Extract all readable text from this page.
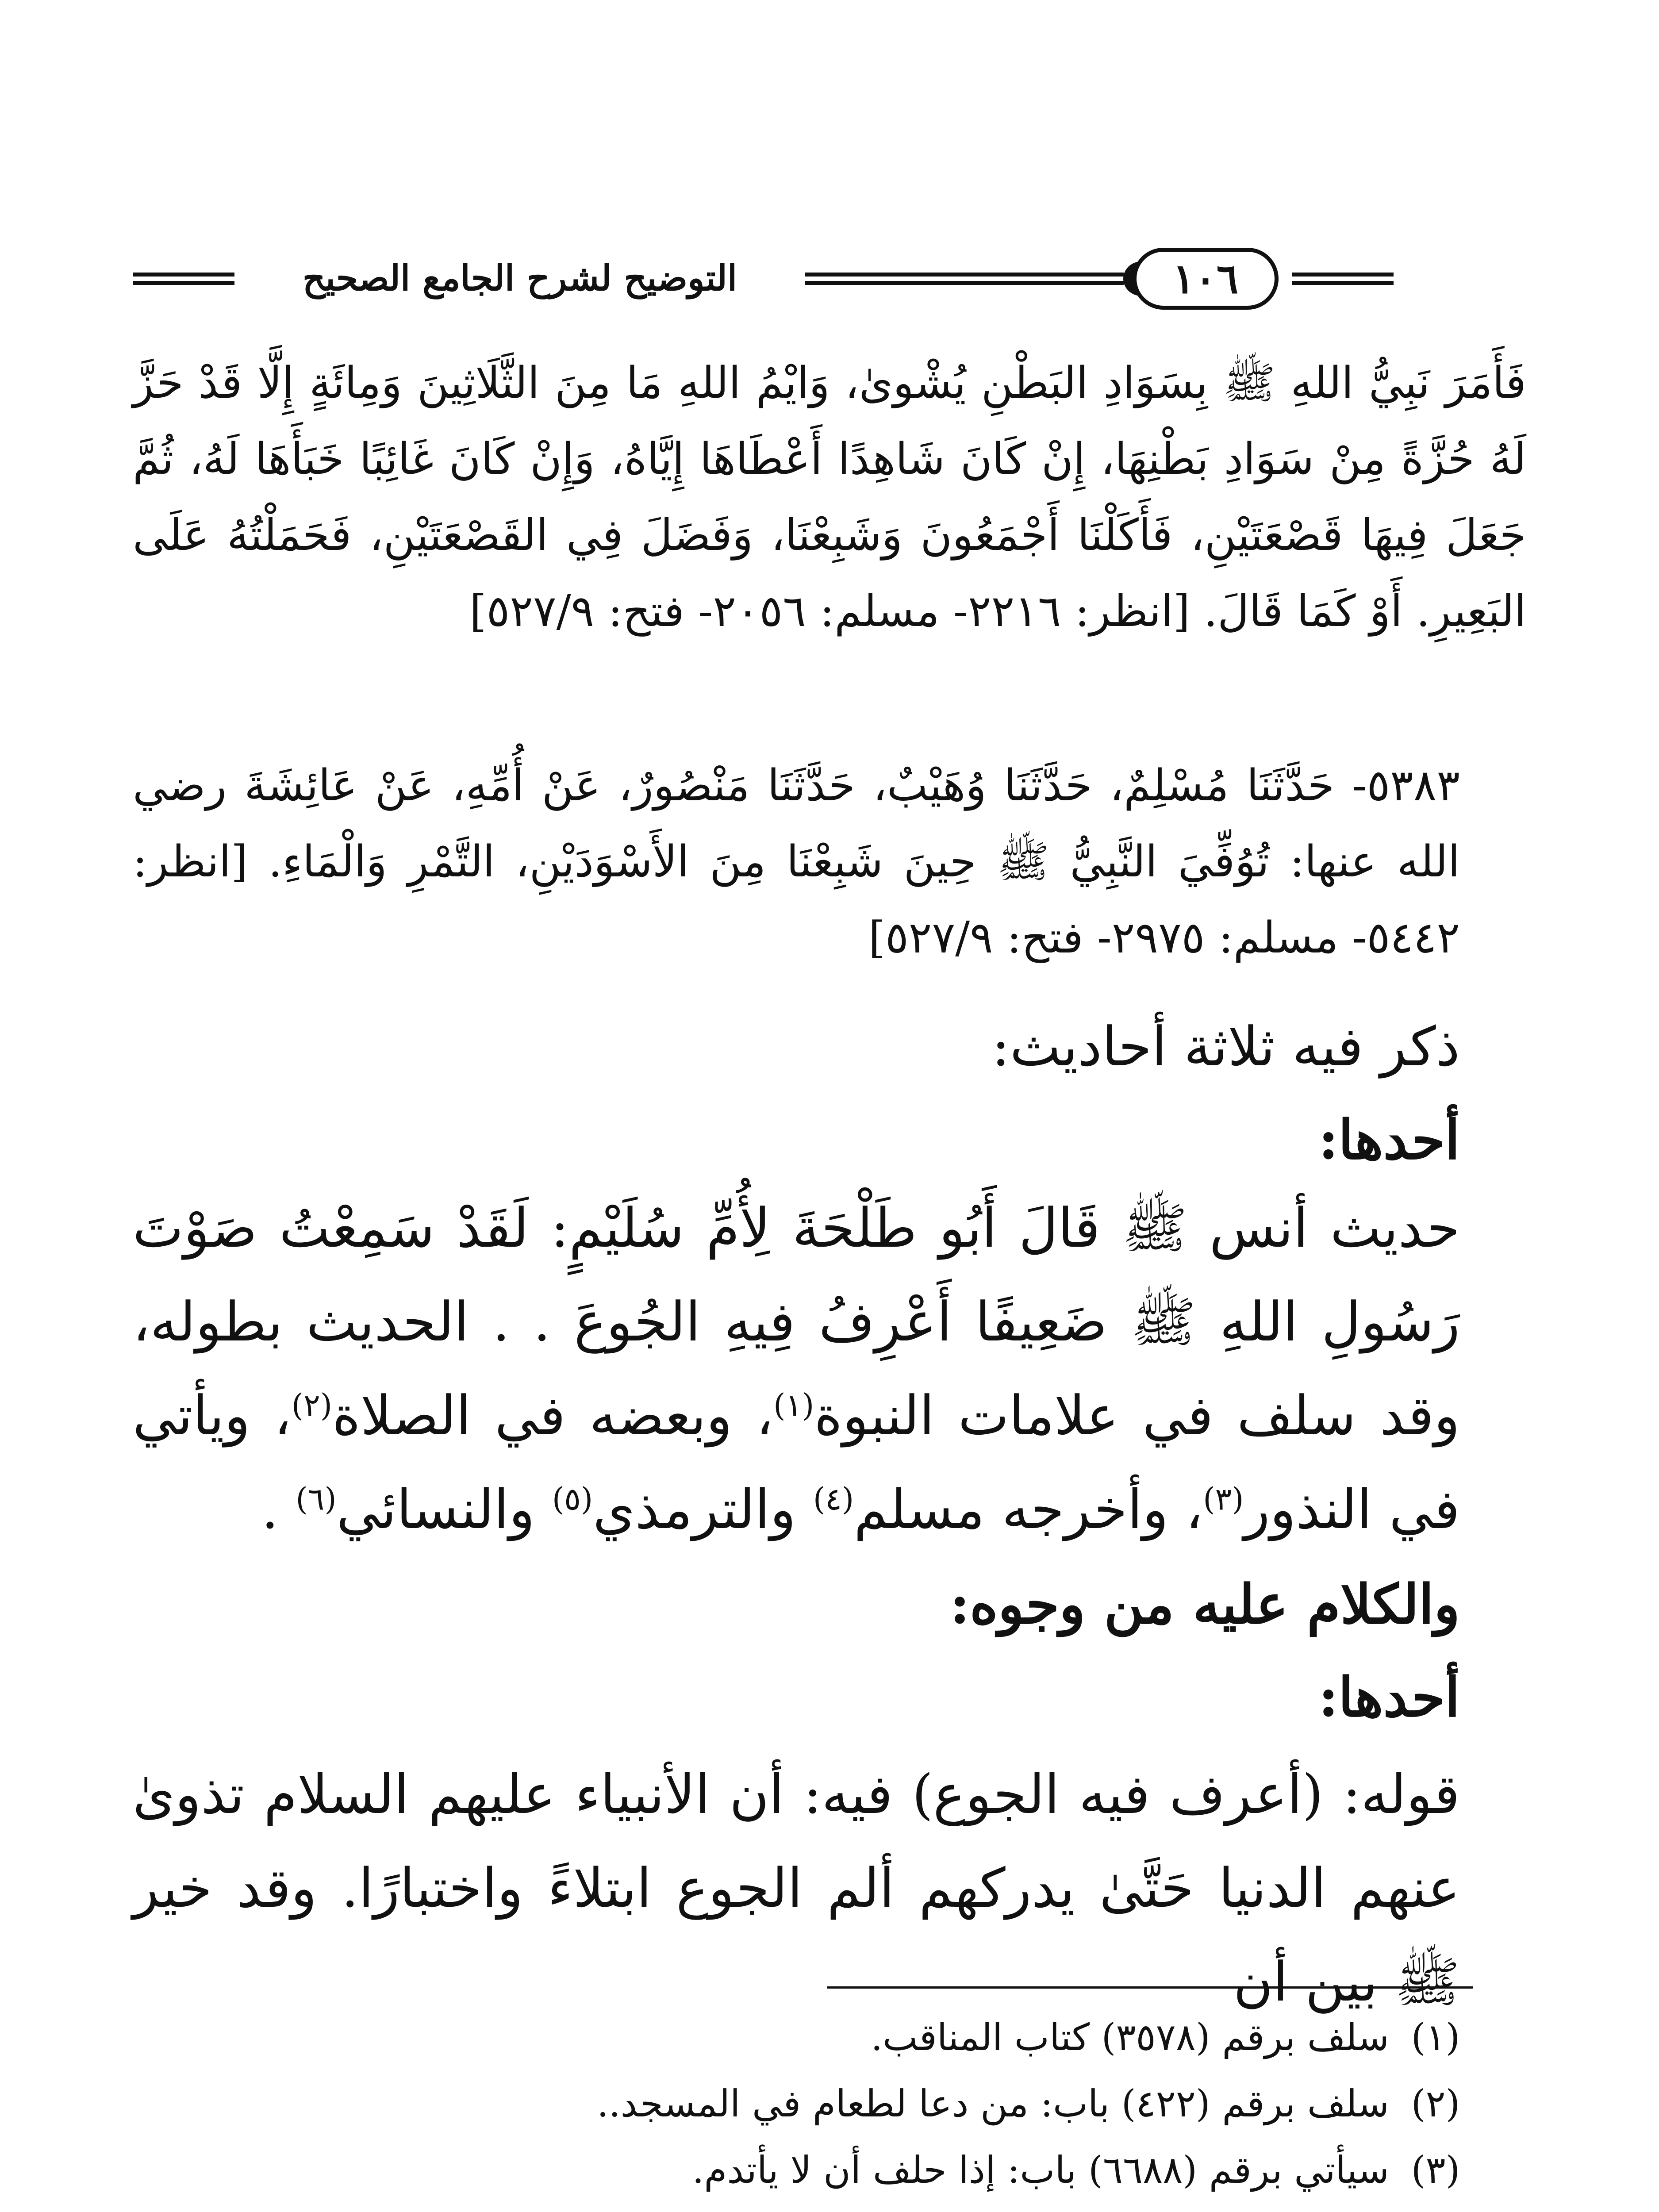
١٠٦
التوضيح لشرح الجامع الصحيح

فَأَمَرَ نَبِيُّ اللهِ ﷺ بِسَوَادِ البَطْنِ يُشْوىٰ، وَايْمُ اللهِ مَا مِنَ الثَّلَاثِينَ وَمِائَةٍ إِلَّا قَدْ حَزَّ لَهُ حُزَّةً مِنْ سَوَادِ بَطْنِهَا، إِنْ كَانَ شَاهِدًا أَعْطَاهَا إِيَّاهُ، وَإِنْ كَانَ غَائِبًا خَبَأَهَا لَهُ، ثُمَّ جَعَلَ فِيهَا قَصْعَتَيْنِ، فَأَكَلْنَا أَجْمَعُونَ وَشَبِعْنَا، وَفَضَلَ فِي القَصْعَتَيْنِ، فَحَمَلْتُهُ عَلَى البَعِيرِ. أَوْ كَمَا قَالَ. [انظر: ٢٢١٦- مسلم: ٢٠٥٦- فتح: ٥٢٧/٩]

٥٣٨٣- حَدَّثَنَا مُسْلِمٌ، حَدَّثَنَا وُهَيْبٌ، حَدَّثَنَا مَنْصُورٌ، عَنْ أُمِّهِ، عَنْ عَائِشَةَ رضي الله عنها: تُوُفِّيَ النَّبِيُّ ﷺ حِينَ شَبِعْنَا مِنَ الأَسْوَدَيْنِ، التَّمْرِ وَالْمَاءِ. [انظر: ٥٤٤٢- مسلم: ٢٩٧٥- فتح: ٥٢٧/٩]

ذكر فيه ثلاثة أحاديث:

أحدها:

حديث أنس ﷺ قَالَ أَبُو طَلْحَةَ لِأُمِّ سُلَيْمٍ: لَقَدْ سَمِعْتُ صَوْتَ رَسُولِ اللهِ ﷺ ضَعِيفًا أَعْرِفُ فِيهِ الجُوعَ . . الحديث بطوله، وقد سلف في علامات النبوة$^{(١)}$، وبعضه في الصلاة$^{(٢)}$، ويأتي في النذور$^{(٣)}$، وأخرجه مسلم$^{(٤)}$ والترمذي$^{(٥)}$ والنسائي$^{(٦)}$ .

والكلام عليه من وجوه:

أحدها:

قوله: (أعرف فيه الجوع) فيه: أن الأنبياء عليهم السلام تذوىٰ عنهم الدنيا حَتَّىٰ يدركهم ألم الجوع ابتلاءً واختبارًا. وقد خير ﷺ بين أن

(١)
سلف برقم (٣٥٧٨) كتاب المناقب.
(٢)
سلف برقم (٤٢٢) باب: من دعا لطعام في المسجد..
(٣)
سيأتي برقم (٦٦٨٨) باب: إذا حلف أن لا يأتدم.
